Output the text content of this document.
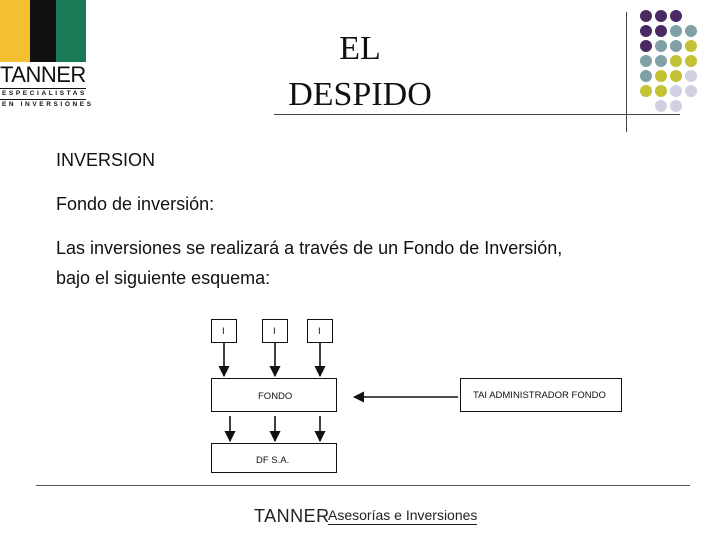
TANNER
ESPECIALISTAS
EN INVERSIONES
EL
DESPIDO
INVERSION
Fondo de inversión:
Las inversiones se realizará a través de un Fondo de Inversión,
bajo el siguiente esquema:
I	I	I
FONDO	TAI ADMINISTRADOR FONDO
DF S.A.
TANNER
Asesorías e Inversiones
